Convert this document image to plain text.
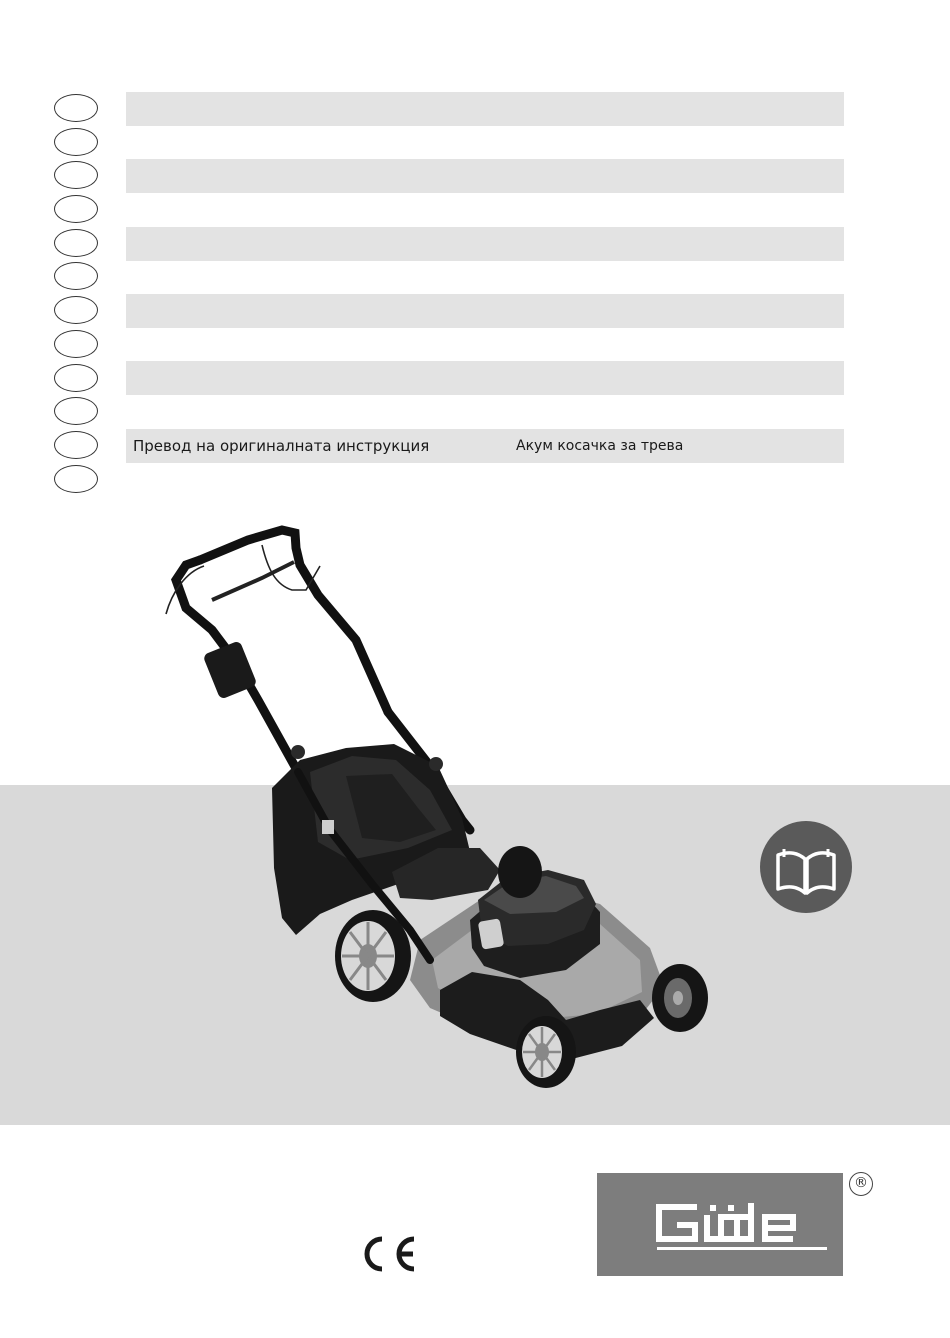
Превод на оригиналната инструкция	Акум косачка за трева
®
